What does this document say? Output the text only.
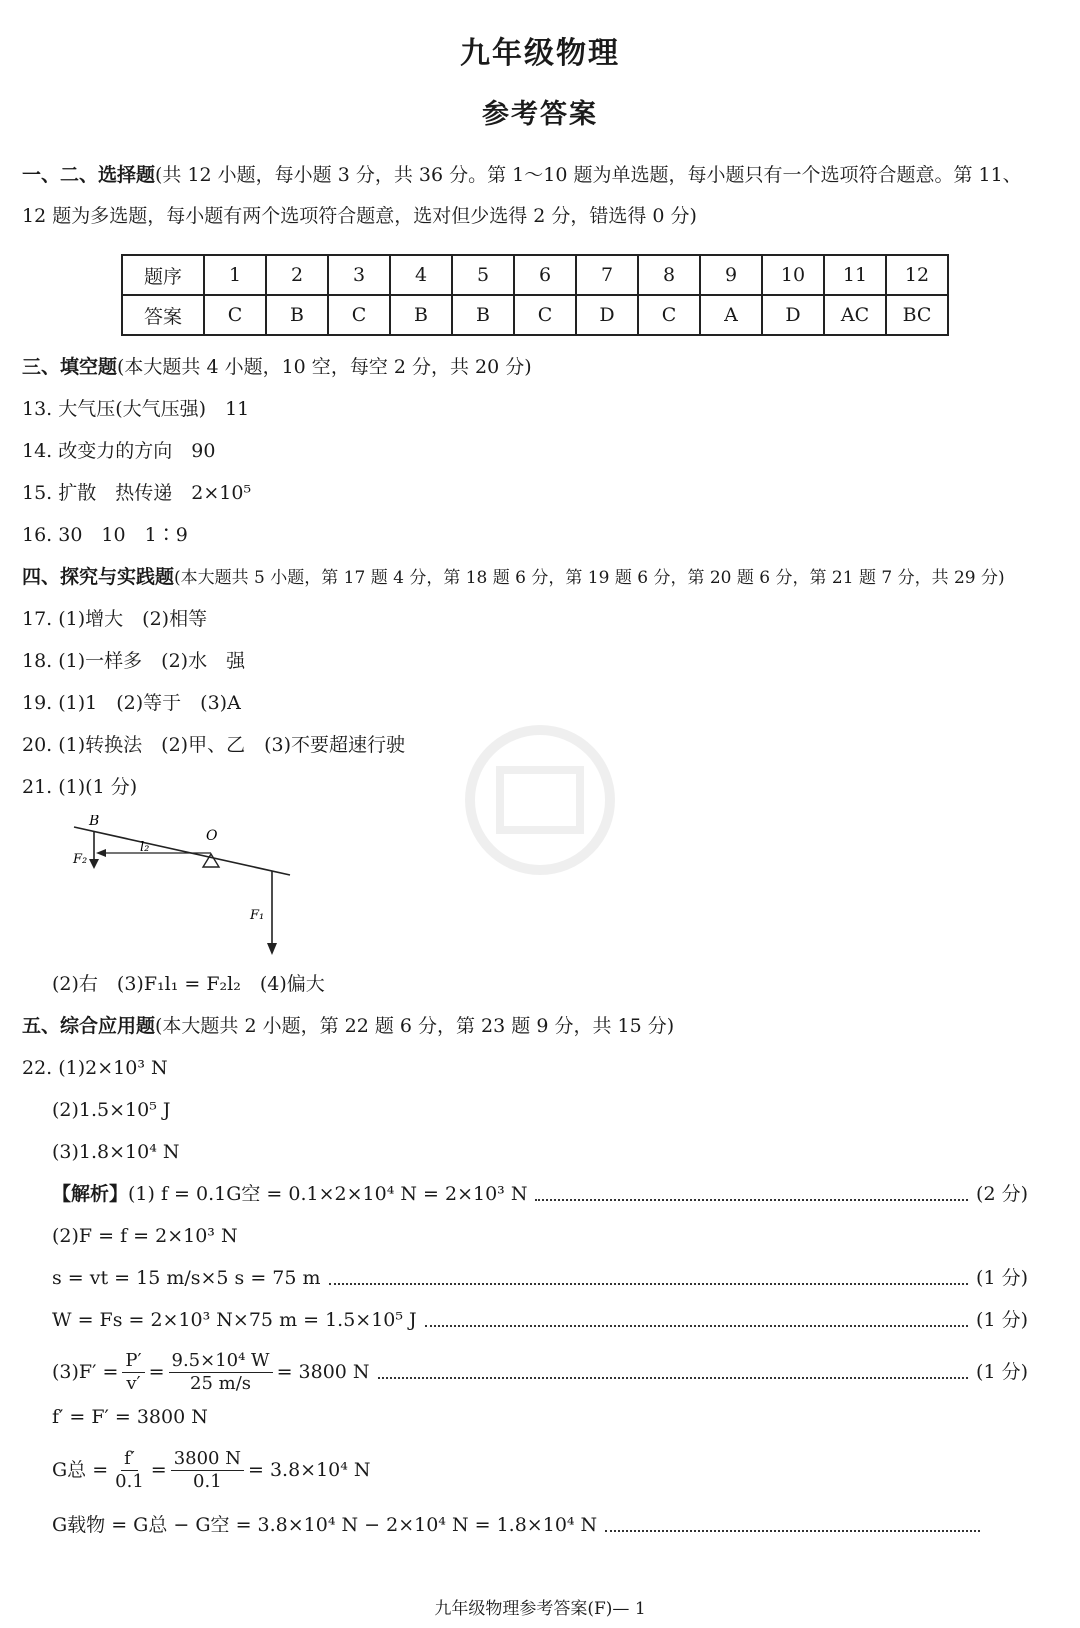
九年级物理
参考答案
一、二、选择题(共 12 小题，每小题 3 分，共 36 分。第 1～10 题为单选题，每小题只有一个选项符合题意。第 11、
12 题为多选题，每小题有两个选项符合题意，选对但少选得 2 分，错选得 0 分)
题序	1	2	3	4	5	6	7	8	9	10	11	12
答案	C	B	C	B	B	C	D	C	A	D	AC	BC
三、填空题(本大题共 4 小题，10 空，每空 2 分，共 20 分)
13. 大气压(大气压强)　11
14. 改变力的方向　90
15. 扩散　热传递　2×10⁵
16. 30　10　1∶9
四、探究与实践题(本大题共 5 小题，第 17 题 4 分，第 18 题 6 分，第 19 题 6 分，第 20 题 6 分，第 21 题 7 分，共 29 分)
17. (1)增大　(2)相等
18. (1)一样多　(2)水　强
19. (1)1　(2)等于　(3)A
20. (1)转换法　(2)甲、乙　(3)不要超速行驶
21. (1)(1 分)
B
O
l₂
F₂
F₁
(2)右　(3)F₁l₁ = F₂l₂　(4)偏大
五、综合应用题(本大题共 2 小题，第 22 题 6 分，第 23 题 9 分，共 15 分)
22. (1)2×10³ N
(2)1.5×10⁵ J
(3)1.8×10⁴ N
【解析】(1) f = 0.1G空 = 0.1×2×10⁴ N = 2×10³ N	(2 分)
(2)F = f = 2×10³ N
s = vt = 15 m/s×5 s = 75 m	(1 分)
W = Fs = 2×10³ N×75 m = 1.5×10⁵ J	(1 分)
$(3)F' = \frac{P'}{v'} = \frac{\text{9.5×10⁴ W}}{25 m/s} = 3800$ N	(1 分)
f′ = F′ = 3800 N
G总 = $\frac{f'}{0.1} = \frac{3800 N}{0.1} = 3.8\times 10^4$ N
G载物 = G总 − G空 = 3.8×10⁴ N − 2×10⁴ N = 1.8×10⁴ N
九年级物理参考答案(F)— 1
